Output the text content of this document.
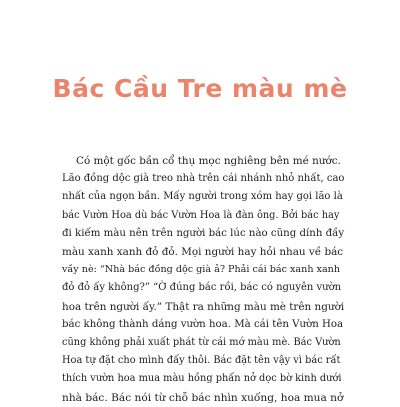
Bác Cầu Tre màu mè
Có một gốc bần cổ thụ mọc nghiêng bên mé nước.
Lão đồng dộc già treo nhà trên cái nhánh nhỏ nhất, cao
nhất của ngọn bần. Mấy người trong xóm hay gọi lão là
bác Vườn Hoa dù bác Vườn Hoa là đàn ông. Bởi bác hay
đi kiếm màu nên trên người bác lúc nào cũng dính đầy
màu xanh xanh đỏ đỏ. Mọi người hay hỏi nhau về bác
vầy nè: “Nhà bác đồng dộc già ả? Phải cái bác xanh xanh
đỏ đỏ ấy không?” “Ờ đúng bác rồi, bác có nguyên vườn
hoa trên người ấy.” Thật ra những màu mè trên người
bác không thành dáng vườn hoa. Mà cái tên Vườn Hoa
cũng không phải xuất phát từ cái mớ màu mè. Bác Vườn
Hoa tự đặt cho mình đấy thôi. Bác đặt tên vậy vì bác rất
thích vườn hoa mua màu hồng phấn nở dọc bờ kinh dưới
nhà bác. Bác nói từ chỗ bác nhìn xuống, hoa mua nở
